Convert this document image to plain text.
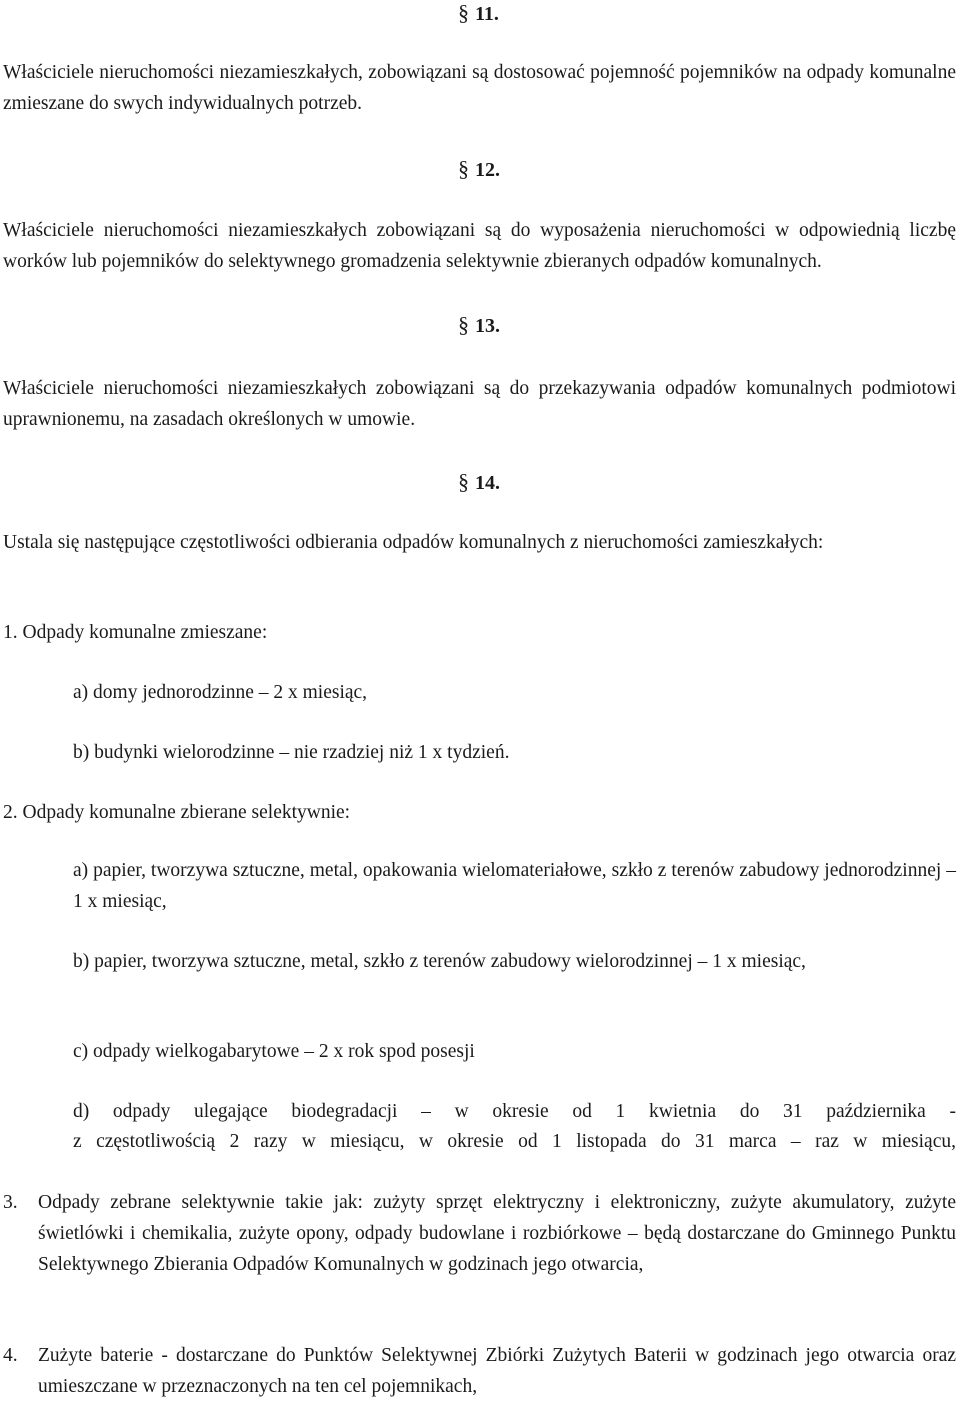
§ 11.
Właściciele nieruchomości niezamieszkałych, zobowiązani są dostosować pojemność pojemników na odpady komunalne zmieszane do swych indywidualnych potrzeb.
§ 12.
Właściciele nieruchomości niezamieszkałych zobowiązani są do wyposażenia nieruchomości w odpowiednią liczbę worków lub pojemników do selektywnego gromadzenia selektywnie zbieranych odpadów komunalnych.
§ 13.
Właściciele nieruchomości niezamieszkałych zobowiązani są do przekazywania odpadów komunalnych podmiotowi uprawnionemu, na zasadach określonych w umowie.
§ 14.
Ustala się następujące częstotliwości odbierania odpadów komunalnych z nieruchomości zamieszkałych:
1. Odpady komunalne zmieszane:
a) domy jednorodzinne – 2 x miesiąc,
b) budynki wielorodzinne – nie rzadziej niż 1 x tydzień.
2. Odpady komunalne zbierane selektywnie:
a) papier, tworzywa sztuczne, metal, opakowania wielomateriałowe, szkło z terenów zabudowy jednorodzinnej – 1 x miesiąc,
b) papier, tworzywa sztuczne, metal, szkło z terenów zabudowy wielorodzinnej – 1 x miesiąc,
c) odpady wielkogabarytowe – 2 x rok spod posesji
d) odpady ulegające biodegradacji – w okresie od 1 kwietnia do 31 października -
z częstotliwością 2 razy w miesiącu, w okresie od 1 listopada do 31 marca – raz w miesiącu,
3.	Odpady zebrane selektywnie takie jak: zużyty sprzęt elektryczny i elektroniczny, zużyte akumulatory, zużyte świetlówki i chemikalia, zużyte opony, odpady budowlane i rozbiórkowe – będą dostarczane do Gminnego Punktu Selektywnego Zbierania Odpadów Komunalnych w godzinach jego otwarcia,
4.	Zużyte baterie - dostarczane do Punktów Selektywnej Zbiórki Zużytych Baterii w godzinach jego otwarcia oraz umieszczane w przeznaczonych na ten cel pojemnikach,
